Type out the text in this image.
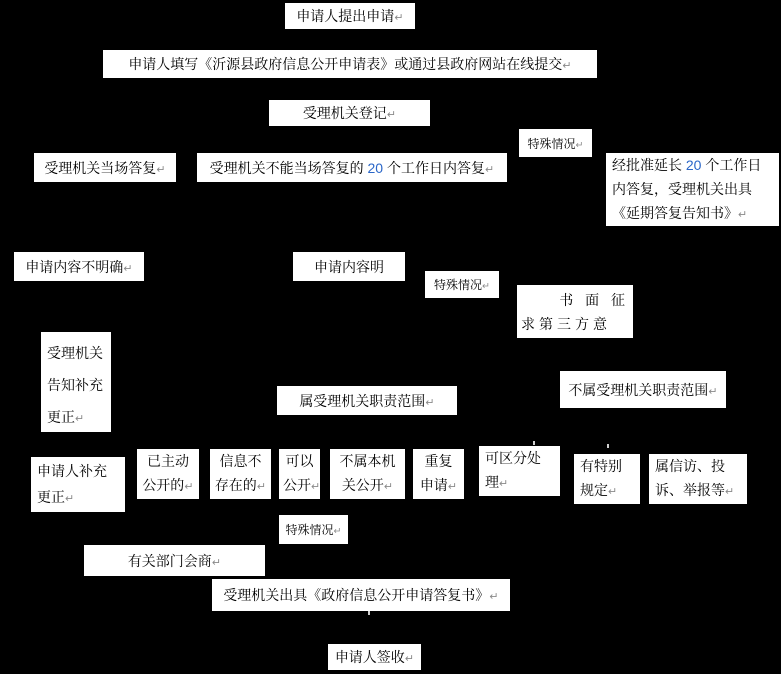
申请人提出申请↵
申请人填写《沂源县政府信息公开申请表》或通过县政府网站在线提交↵
受理机关登记↵
特殊情况↵
受理机关当场答复↵	受理机关不能当场答复的 20 个工作日内答复↵	经批准延长 20 个工作日
内答复，受理机关出具
《延期答复告知书》↵
申请内容不明确↵	申请内容明
特殊情况↵
书 面 征
求第三方意
受理机关
告知补充
更正↵
属受理机关职责范围↵
不属受理机关职责范围↵
申请人补充
更正↵
已主动
公开的↵
信息不
存在的↵
可以
公开↵
不属本机
关公开↵
重复
申请↵
可区分处
理↵
有特别
规定↵
属信访、投
诉、举报等↵
特殊情况↵
有关部门会商↵
受理机关出具《政府信息公开申请答复书》↵
申请人签收↵
